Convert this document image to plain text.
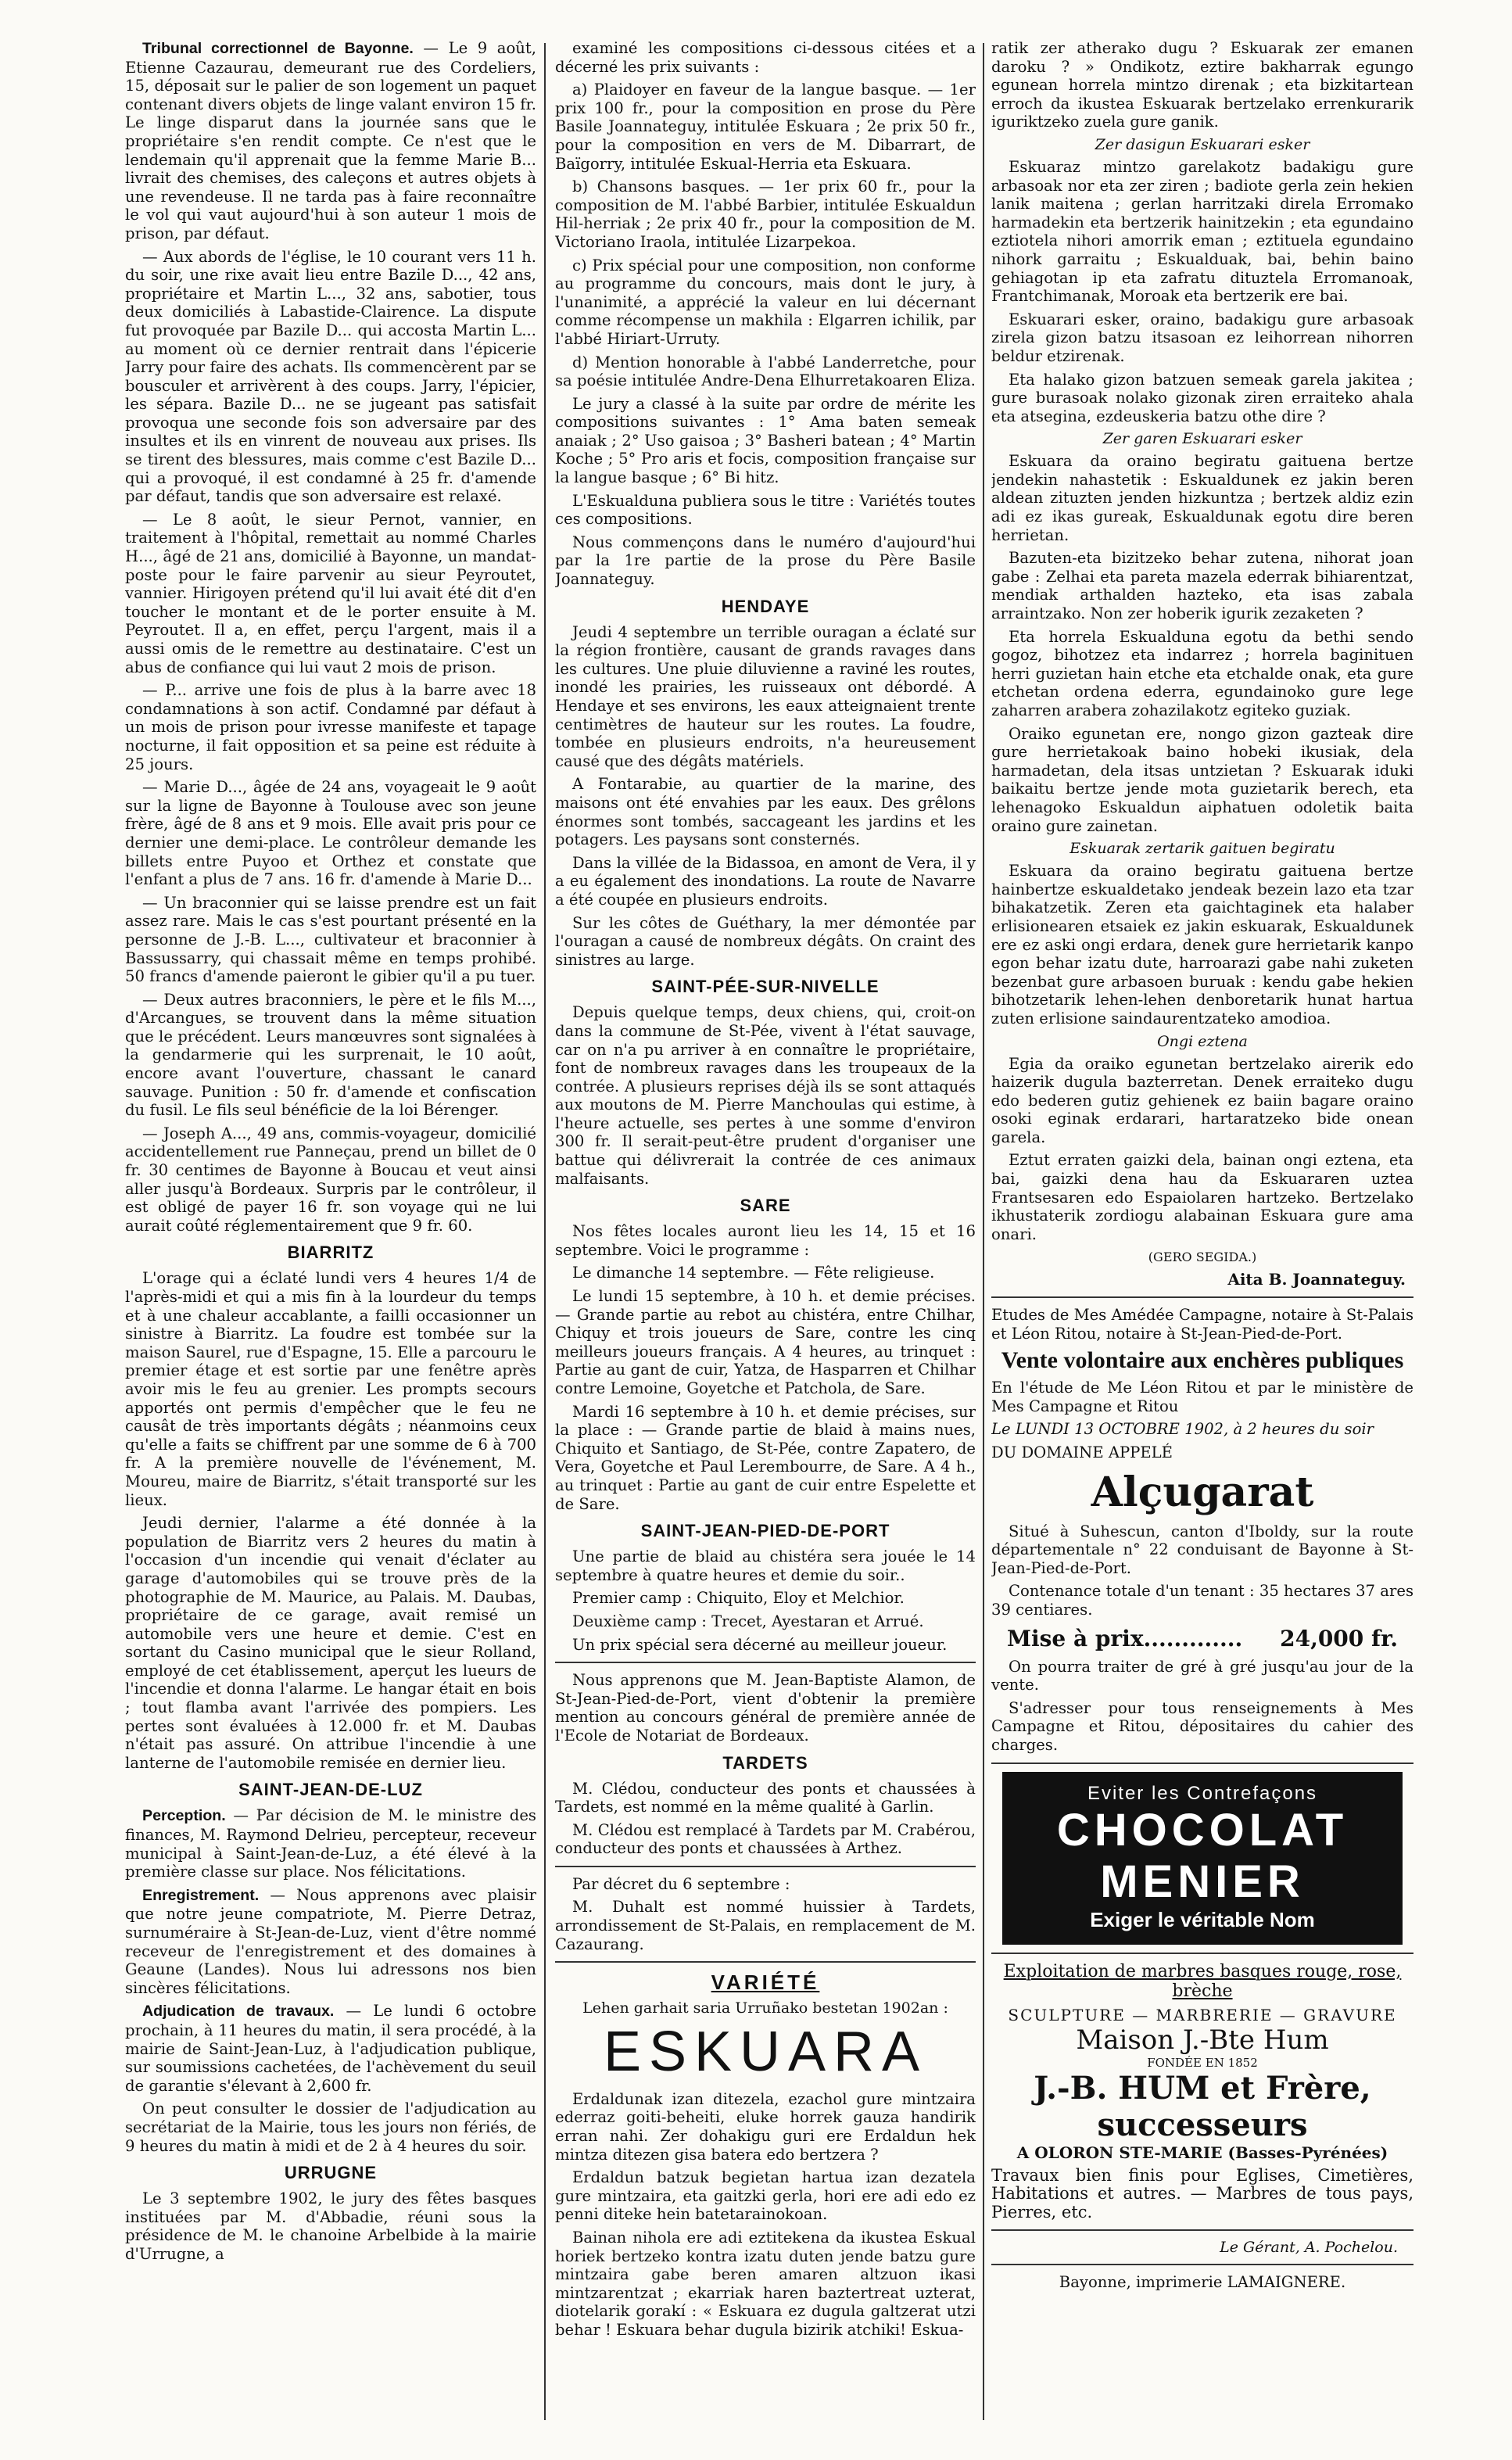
Tribunal correctionnel de Bayonne. — Le 9 août, Etienne Cazaurau, demeurant rue des Cordeliers, 15, déposait sur le palier de son logement un paquet contenant divers objets de linge valant environ 15 fr. Le linge disparut dans la journée sans que le propriétaire s'en rendit compte. Ce n'est que le lendemain qu'il apprenait que la femme Marie B... livrait des chemises, des caleçons et autres objets à une revendeuse. Il ne tarda pas à faire reconnaître le vol qui vaut aujourd'hui à son auteur 1 mois de prison, par défaut.

— Aux abords de l'église, le 10 courant vers 11 h. du soir, une rixe avait lieu entre Bazile D..., 42 ans, propriétaire et Martin L..., 32 ans, sabotier, tous deux domiciliés à Labastide-Clairence. La dispute fut provoquée par Bazile D... qui accosta Martin L... au moment où ce dernier rentrait dans l'épicerie Jarry pour faire des achats. Ils commencèrent par se bousculer et arrivèrent à des coups. Jarry, l'épicier, les sépara. Bazile D... ne se jugeant pas satisfait provoqua une seconde fois son adversaire par des insultes et ils en vinrent de nouveau aux prises. Ils se tirent des blessures, mais comme c'est Bazile D... qui a provoqué, il est condamné à 25 fr. d'amende par défaut, tandis que son adversaire est relaxé.

— Le 8 août, le sieur Pernot, vannier, en traitement à l'hôpital, remettait au nommé Charles H..., âgé de 21 ans, domicilié à Bayonne, un mandat-poste pour le faire parvenir au sieur Peyroutet, vannier. Hirigoyen prétend qu'il lui avait été dit d'en toucher le montant et de le porter ensuite à M. Peyroutet. Il a, en effet, perçu l'argent, mais il a aussi omis de le remettre au destinataire. C'est un abus de confiance qui lui vaut 2 mois de prison.

— P... arrive une fois de plus à la barre avec 18 condamnations à son actif. Condamné par défaut à un mois de prison pour ivresse manifeste et tapage nocturne, il fait opposition et sa peine est réduite à 25 jours.

— Marie D..., âgée de 24 ans, voyageait le 9 août sur la ligne de Bayonne à Toulouse avec son jeune frère, âgé de 8 ans et 9 mois. Elle avait pris pour ce dernier une demi-place. Le contrôleur demande les billets entre Puyoo et Orthez et constate que l'enfant a plus de 7 ans. 16 fr. d'amende à Marie D...

— Un braconnier qui se laisse prendre est un fait assez rare. Mais le cas s'est pourtant présenté en la personne de J.-B. L..., cultivateur et braconnier à Bassussarry, qui chassait même en temps prohibé. 50 francs d'amende paieront le gibier qu'il a pu tuer.

— Deux autres braconniers, le père et le fils M..., d'Arcangues, se trouvent dans la même situation que le précédent. Leurs manœuvres sont signalées à la gendarmerie qui les surprenait, le 10 août, encore avant l'ouverture, chassant le canard sauvage. Punition : 50 fr. d'amende et confiscation du fusil. Le fils seul bénéficie de la loi Bérenger.

— Joseph A..., 49 ans, commis-voyageur, domicilié accidentellement rue Panneçau, prend un billet de 0 fr. 30 centimes de Bayonne à Boucau et veut ainsi aller jusqu'à Bordeaux. Surpris par le contrôleur, il est obligé de payer 16 fr. son voyage qui ne lui aurait coûté réglementairement que 9 fr. 60.

BIARRITZ

L'orage qui a éclaté lundi vers 4 heures 1/4 de l'après-midi et qui a mis fin à la lourdeur du temps et à une chaleur accablante, a failli occasionner un sinistre à Biarritz. La foudre est tombée sur la maison Saurel, rue d'Espagne, 15. Elle a parcouru le premier étage et est sortie par une fenêtre après avoir mis le feu au grenier. Les prompts secours apportés ont permis d'empêcher que le feu ne causât de très importants dégâts ; néanmoins ceux qu'elle a faits se chiffrent par une somme de 6 à 700 fr. A la première nouvelle de l'événement, M. Moureu, maire de Biarritz, s'était transporté sur les lieux.

Jeudi dernier, l'alarme a été donnée à la population de Biarritz vers 2 heures du matin à l'occasion d'un incendie qui venait d'éclater au garage d'automobiles qui se trouve près de la photographie de M. Maurice, au Palais. M. Daubas, propriétaire de ce garage, avait remisé un automobile vers une heure et demie. C'est en sortant du Casino municipal que le sieur Rolland, employé de cet établissement, aperçut les lueurs de l'incendie et donna l'alarme. Le hangar était en bois ; tout flamba avant l'arrivée des pompiers. Les pertes sont évaluées à 12.000 fr. et M. Daubas n'était pas assuré. On attribue l'incendie à une lanterne de l'automobile remisée en dernier lieu.

SAINT-JEAN-DE-LUZ

Perception. — Par décision de M. le ministre des finances, M. Raymond Delrieu, percepteur, receveur municipal à Saint-Jean-de-Luz, a été élevé à la première classe sur place. Nos félicitations.

Enregistrement. — Nous apprenons avec plaisir que notre jeune compatriote, M. Pierre Detraz, surnuméraire à St-Jean-de-Luz, vient d'être nommé receveur de l'enregistrement et des domaines à Geaune (Landes). Nous lui adressons nos bien sincères félicitations.

Adjudication de travaux. — Le lundi 6 octobre prochain, à 11 heures du matin, il sera procédé, à la mairie de Saint-Jean-Luz, à l'adjudication publique, sur soumissions cachetées, de l'achèvement du seuil de garantie s'élevant à 2,600 fr.

On peut consulter le dossier de l'adjudication au secrétariat de la Mairie, tous les jours non fériés, de 9 heures du matin à midi et de 2 à 4 heures du soir.

URRUGNE

Le 3 septembre 1902, le jury des fêtes basques instituées par M. d'Abbadie, réuni sous la présidence de M. le chanoine Arbelbide à la mairie d'Urrugne, a

examiné les compositions ci-dessous citées et a décerné les prix suivants :

a) Plaidoyer en faveur de la langue basque. — 1er prix 100 fr., pour la composition en prose du Père Basile Joannateguy, intitulée Eskuara ; 2e prix 50 fr., pour la composition en vers de M. Dibarrart, de Baïgorry, intitulée Eskual-Herria eta Eskuara.

b) Chansons basques. — 1er prix 60 fr., pour la composition de M. l'abbé Barbier, intitulée Eskualdun Hil-herriak ; 2e prix 40 fr., pour la composition de M. Victoriano Iraola, intitulée Lizarpekoa.

c) Prix spécial pour une composition, non conforme au programme du concours, mais dont le jury, à l'unanimité, a apprécié la valeur en lui décernant comme récompense un makhila : Elgarren ichilik, par l'abbé Hiriart-Urruty.

d) Mention honorable à l'abbé Landerretche, pour sa poésie intitulée Andre-Dena Elhurretakoaren Eliza.

Le jury a classé à la suite par ordre de mérite les compositions suivantes : 1° Ama baten semeak anaiak ; 2° Uso gaisoa ; 3° Basheri batean ; 4° Martin Koche ; 5° Pro aris et focis, composition française sur la langue basque ; 6° Bi hitz.

L'Eskualduna publiera sous le titre : Variétés toutes ces compositions.

Nous commençons dans le numéro d'aujourd'hui par la 1re partie de la prose du Père Basile Joannateguy.

HENDAYE

Jeudi 4 septembre un terrible ouragan a éclaté sur la région frontière, causant de grands ravages dans les cultures. Une pluie diluvienne a raviné les routes, inondé les prairies, les ruisseaux ont débordé. A Hendaye et ses environs, les eaux atteignaient trente centimètres de hauteur sur les routes. La foudre, tombée en plusieurs endroits, n'a heureusement causé que des dégâts matériels.

A Fontarabie, au quartier de la marine, des maisons ont été envahies par les eaux. Des grêlons énormes sont tombés, saccageant les jardins et les potagers. Les paysans sont consternés.

Dans la villée de la Bidassoa, en amont de Vera, il y a eu également des inondations. La route de Navarre a été coupée en plusieurs endroits.

Sur les côtes de Guéthary, la mer démontée par l'ouragan a causé de nombreux dégâts. On craint des sinistres au large.

SAINT-PÉE-SUR-NIVELLE

Depuis quelque temps, deux chiens, qui, croit-on dans la commune de St-Pée, vivent à l'état sauvage, car on n'a pu arriver à en connaître le propriétaire, font de nombreux ravages dans les troupeaux de la contrée. A plusieurs reprises déjà ils se sont attaqués aux moutons de M. Pierre Manchoulas qui estime, à l'heure actuelle, ses pertes à une somme d'environ 300 fr. Il serait-peut-être prudent d'organiser une battue qui délivrerait la contrée de ces animaux malfaisants.

SARE

Nos fêtes locales auront lieu les 14, 15 et 16 septembre. Voici le programme :

Le dimanche 14 septembre. — Fête religieuse.

Le lundi 15 septembre, à 10 h. et demie précises. — Grande partie au rebot au chistéra, entre Chilhar, Chiquy et trois joueurs de Sare, contre les cinq meilleurs joueurs français. A 4 heures, au trinquet : Partie au gant de cuir, Yatza, de Hasparren et Chilhar contre Lemoine, Goyetche et Patchola, de Sare.

Mardi 16 septembre à 10 h. et demie précises, sur la place : — Grande partie de blaid à mains nues, Chiquito et Santiago, de St-Pée, contre Zapatero, de Vera, Goyetche et Paul Lerembourre, de Sare. A 4 h., au trinquet : Partie au gant de cuir entre Espelette et de Sare.

SAINT-JEAN-PIED-DE-PORT

Une partie de blaid au chistéra sera jouée le 14 septembre à quatre heures et demie du soir..

Premier camp : Chiquito, Eloy et Melchior.

Deuxième camp : Trecet, Ayestaran et Arrué.

Un prix spécial sera décerné au meilleur joueur.

Nous apprenons que M. Jean-Baptiste Alamon, de St-Jean-Pied-de-Port, vient d'obtenir la première mention au concours général de première année de l'Ecole de Notariat de Bordeaux.

TARDETS

M. Clédou, conducteur des ponts et chaussées à Tardets, est nommé en la même qualité à Garlin.

M. Clédou est remplacé à Tardets par M. Crabérou, conducteur des ponts et chaussées à Arthez.

Par décret du 6 septembre :

M. Duhalt est nommé huissier à Tardets, arrondissement de St-Palais, en remplacement de M. Cazaurang.

VARIÉTÉ

Lehen garhait saria Urruñako bestetan 1902an :

ESKUARA

Erdaldunak izan ditezela, ezachol gure mintzaira ederraz goiti-beheiti, eluke horrek gauza handirik erran nahi. Zer dohakigu guri ere Erdaldun hek mintza ditezen gisa batera edo bertzera ?

Erdaldun batzuk begietan hartua izan dezatela gure mintzaira, eta gaitzki gerla, hori ere adi edo ez penni diteke hein batetarainokoan.

Bainan nihola ere adi eztitekena da ikustea Eskual horiek bertzeko kontra izatu duten jende batzu gure mintzaira gabe beren amaren altzuon ikasi mintzarentzat ; ekarriak haren baztertreat uzterat, diotelarik gorakí : « Eskuara ez dugula galtzerat utzi behar ! Eskuara behar dugula bizirik atchiki! Eskua-

ratik zer atherako dugu ? Eskuarak zer emanen daroku ? » Ondikotz, eztire bakharrak egungo egunean horrela mintzo direnak ; eta bizkitartean erroch da ikustea Eskuarak bertzelako errenkurarik iguriktzeko zuela gure ganik.

Zer dasigun Eskuarari esker

Eskuaraz mintzo garelakotz badakigu gure arbasoak nor eta zer ziren ; badiote gerla zein hekien lanik maitena ; gerlan harritzaki direla Erromako harmadekin eta bertzerik hainitzekin ; eta egundaino eztiotela nihori amorrik eman ; eztituela egundaino nihork garraitu ; Eskualduak, bai, behin baino gehiagotan ip eta zafratu dituztela Erromanoak, Frantchimanak, Moroak eta bertzerik ere bai.

Eskuarari esker, oraino, badakigu gure arbasoak zirela gizon batzu itsasoan ez leihorrean nihorren beldur etzirenak.

Eta halako gizon batzuen semeak garela jakitea ; gure burasoak nolako gizonak ziren erraiteko ahala eta atsegina, ezdeuskeria batzu othe dire ?

Zer garen Eskuarari esker

Eskuara da oraino begiratu gaituena bertze jendekin nahastetik : Eskualdunek ez jakin beren aldean zituzten jenden hizkuntza ; bertzek aldiz ezin adi ez ikas gureak, Eskualdunak egotu dire beren herrietan.

Bazuten-eta bizitzeko behar zutena, nihorat joan gabe : Zelhai eta pareta mazela ederrak bihiarentzat, mendiak arthalden hazteko, eta isas zabala arraintzako. Non zer hoberik igurik zezaketen ?

Eta horrela Eskualduna egotu da bethi sendo gogoz, bihotzez eta indarrez ; horrela baginituen herri guzietan hain etche eta etchalde onak, eta gure etchetan ordena ederra, egundainoko gure lege zaharren arabera zohazilakotz egiteko guziak.

Oraiko egunetan ere, nongo gizon gazteak dire gure herrietakoak baino hobeki ikusiak, dela harmadetan, dela itsas untzietan ? Eskuarak iduki baikaitu bertze jende mota guzietarik berech, eta lehenagoko Eskualdun aiphatuen odoletik baita oraino gure zainetan.

Eskuarak zertarik gaituen begiratu

Eskuara da oraino begiratu gaituena bertze hainbertze eskualdetako jendeak bezein lazo eta tzar bihakatzetik. Zeren eta gaichtaginek eta halaber erlisionearen etsaiek ez jakin eskuarak, Eskualdunek ere ez aski ongi erdara, denek gure herrietarik kanpo egon behar izatu dute, harroarazi gabe nahi zuketen bezenbat gure arbasoen buruak : kendu gabe hekien bihotzetarik lehen-lehen denboretarik hunat hartua zuten erlisione saindaurentzateko amodioa.

Ongi eztena

Egia da oraiko egunetan bertzelako airerik edo haizerik dugula bazterretan. Denek erraiteko dugu edo bederen gutiz gehienek ez baiin bagare oraino osoki eginak erdarari, hartaratzeko bide onean garela.

Eztut erraten gaizki dela, bainan ongi eztena, eta bai, gaizki dena hau da Eskuararen uztea Frantsesaren edo Espaiolaren hartzeko. Bertzelako ikhustaterik zordiogu alabainan Eskuara gure ama onari.

(GERO SEGIDA.)

Aita B. Joannateguy.

Etudes de Mes Amédée Campagne, notaire à St-Palais et Léon Ritou, notaire à St-Jean-Pied-de-Port.

Vente volontaire aux enchères publiques

En l'étude de Me Léon Ritou et par le ministère de Mes Campagne et Ritou

Le LUNDI 13 OCTOBRE 1902, à 2 heures du soir

DU DOMAINE APPELÉ

Alçugarat

Situé à Suhescun, canton d'Iboldy, sur la route départementale n° 22 conduisant de Bayonne à St-Jean-Pied-de-Port.

Contenance totale d'un tenant : 35 hectares 37 ares 39 centiares.

Mise à prix............. 24,000 fr.

On pourra traiter de gré à gré jusqu'au jour de la vente.

S'adresser pour tous renseignements à Mes Campagne et Ritou, dépositaires du cahier des charges.

Eviter les Contrefaçons
CHOCOLAT
MENIER
Exiger le véritable Nom
Exploitation de marbres basques rouge, rose, brèche
SCULPTURE — MARBRERIE — GRAVURE
Maison J.-Bte Hum
FONDÉE EN 1852
J.-B. HUM et Frère, successeurs
A OLORON STE-MARIE (Basses-Pyrénées)

Travaux bien finis pour Eglises, Cimetières, Habitations et autres. — Marbres de tous pays, Pierres, etc.

Le Gérant, A. Pochelou.

Bayonne, imprimerie LAMAIGNERE.
